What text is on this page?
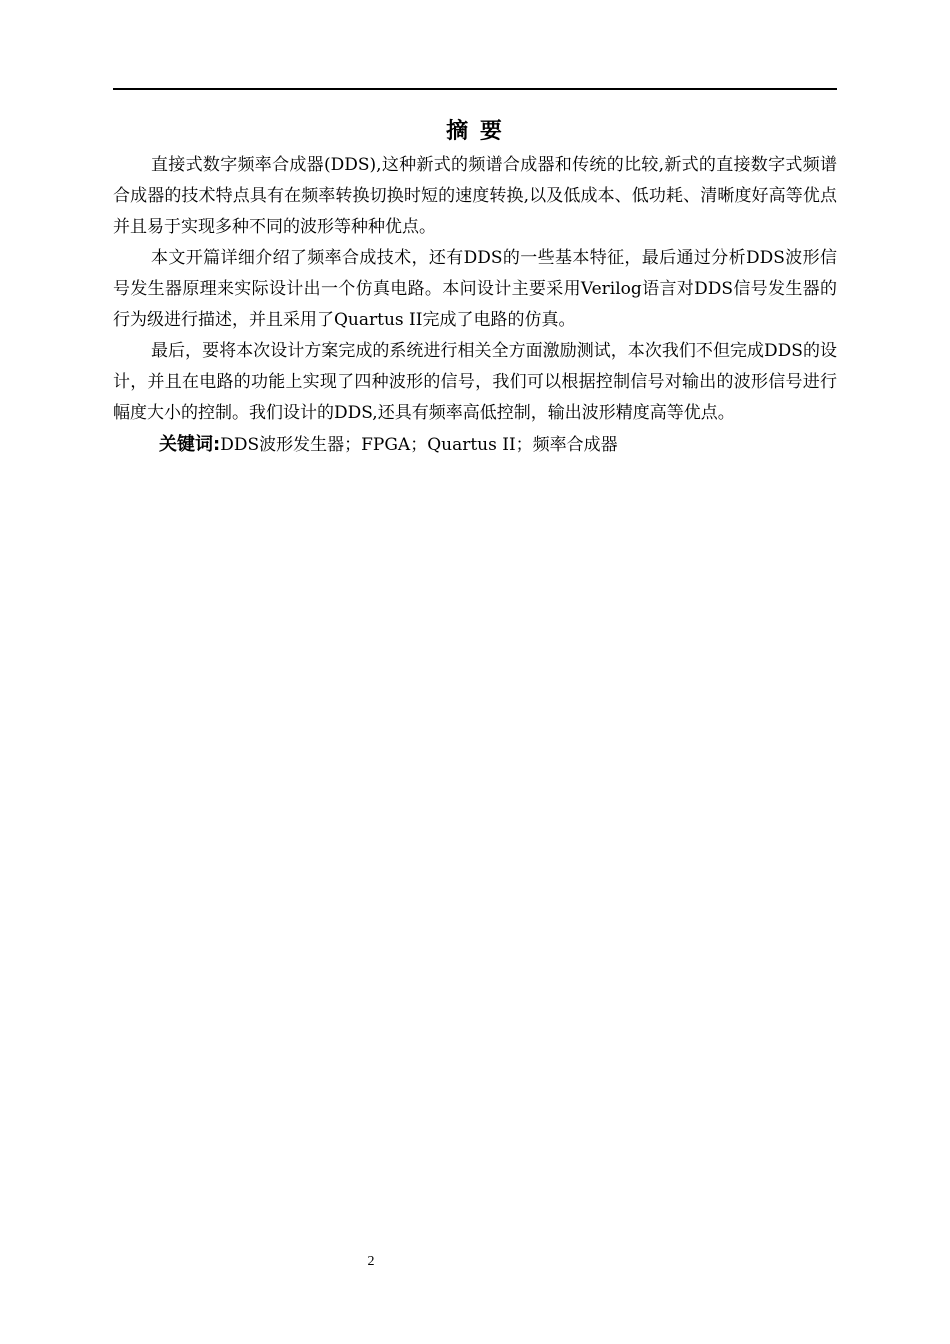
摘 要

直接式数字频率合成器(DDS),这种新式的频谱合成器和传统的比较,新式的直接数字式频谱合成器的技术特点具有在频率转换切换时短的速度转换,以及低成本、低功耗、清晰度好高等优点并且易于实现多种不同的波形等种种优点。

本文开篇详细介绍了频率合成技术，还有DDS的一些基本特征，最后通过分析DDS波形信号发生器原理来实际设计出一个仿真电路。本问设计主要采用Verilog语言对DDS信号发生器的行为级进行描述，并且采用了Quartus II完成了电路的仿真。

最后，要将本次设计方案完成的系统进行相关全方面激励测试，本次我们不但完成DDS的设计，并且在电路的功能上实现了四种波形的信号，我们可以根据控制信号对输出的波形信号进行幅度大小的控制。我们设计的DDS,还具有频率高低控制，输出波形精度高等优点。

关键词:DDS波形发生器；FPGA；Quartus II；频率合成器

2
